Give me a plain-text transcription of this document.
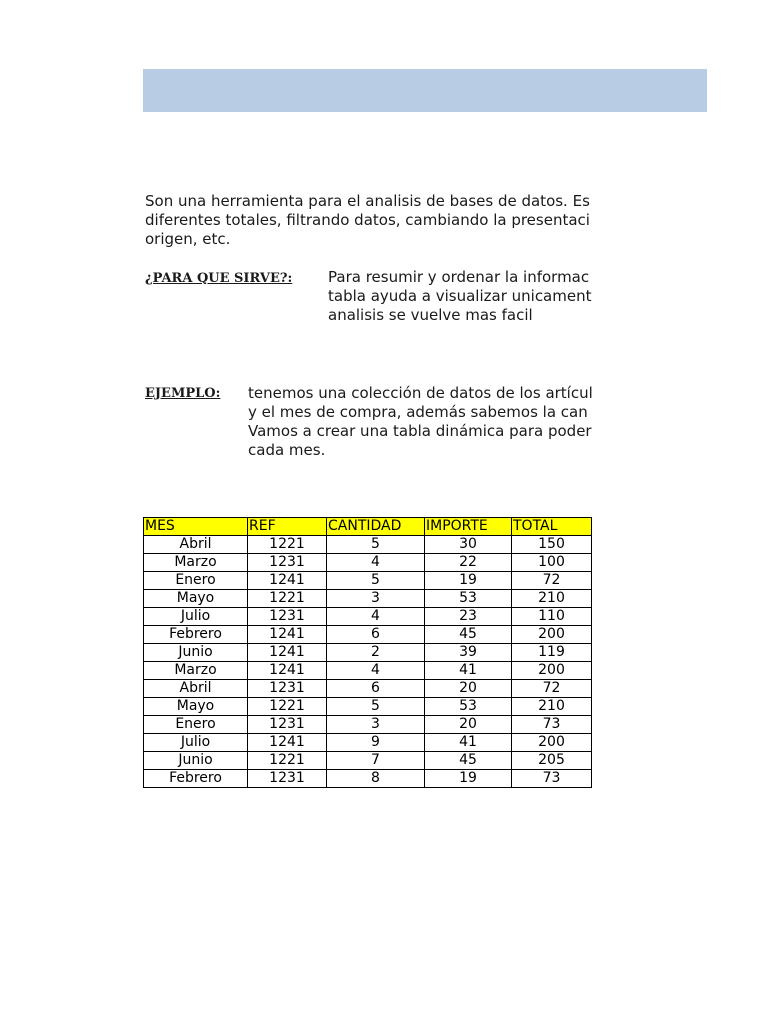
Son una herramienta para el analisis de bases de datos. Es
diferentes totales, filtrando datos, cambiando la presentaci
origen, etc.
¿PARA QUE SIRVE?: Para resumir y ordenar la informac
tabla ayuda a visualizar unicament
analisis se vuelve mas facil
EJEMPLO: tenemos una colección de datos de los artícul
y el mes de compra, además sabemos la can
Vamos a crear una tabla dinámica para poder
cada mes.
MES	REF	CANTIDAD	IMPORTE	TOTAL
Abril	1221	5	30	150
Marzo	1231	4	22	100
Enero	1241	5	19	72
Mayo	1221	3	53	210
Julio	1231	4	23	110
Febrero	1241	6	45	200
Junio	1241	2	39	119
Marzo	1241	4	41	200
Abril	1231	6	20	72
Mayo	1221	5	53	210
Enero	1231	3	20	73
Julio	1241	9	41	200
Junio	1221	7	45	205
Febrero	1231	8	19	73
